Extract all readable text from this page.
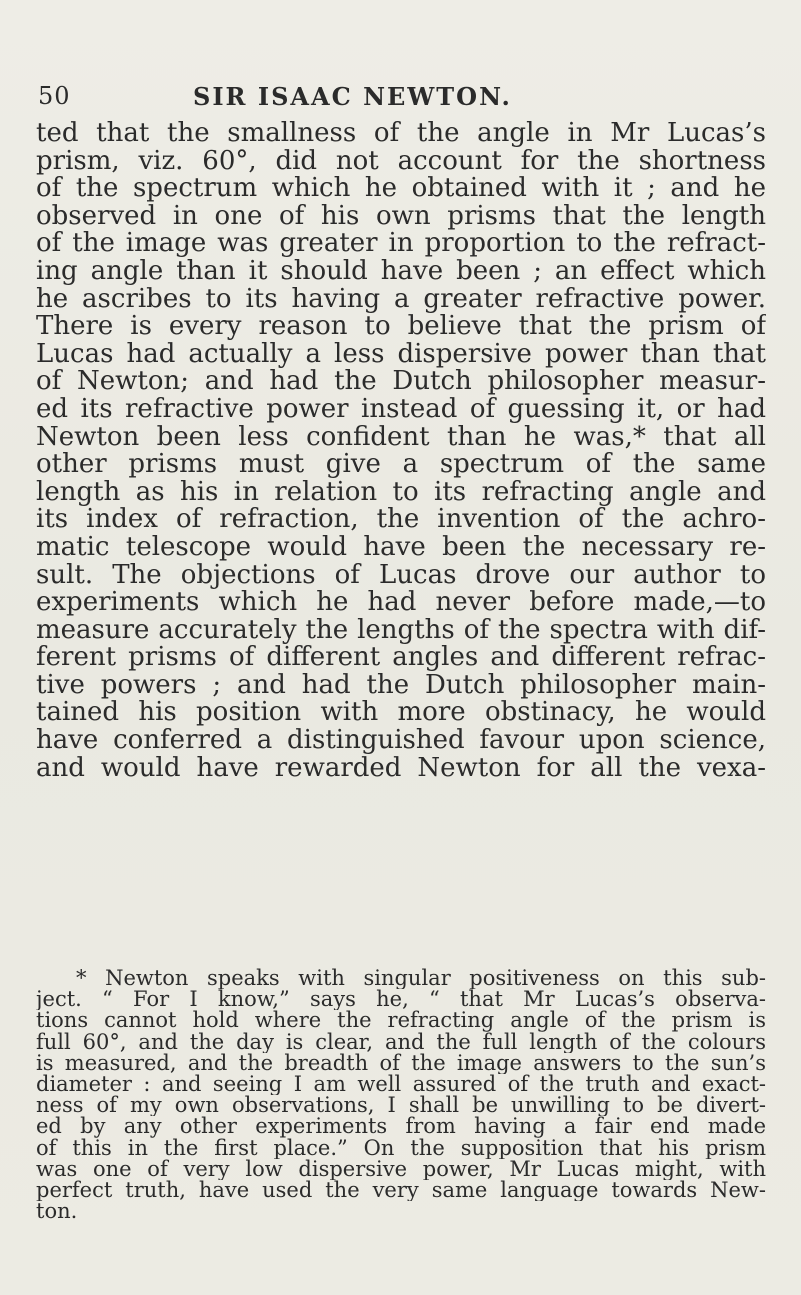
50	SIR ISAAC NEWTON.
ted that the smallness of the angle in Mr Lucas’s
prism, viz. 60°, did not account for the shortness
of the spectrum which he obtained with it ; and he
observed in one of his own prisms that the length
of the image was greater in proportion to the refract-
ing angle than it should have been ; an effect which
he ascribes to its having a greater refractive power.
There is every reason to believe that the prism of
Lucas had actually a less dispersive power than that
of Newton; and had the Dutch philosopher measur-
ed its refractive power instead of guessing it, or had
Newton been less confident than he was,* that all
other prisms must give a spectrum of the same
length as his in relation to its refracting angle and
its index of refraction, the invention of the achro-
matic telescope would have been the necessary re-
sult. The objections of Lucas drove our author to
experiments which he had never before made,—to
measure accurately the lengths of the spectra with dif-
ferent prisms of different angles and different refrac-
tive powers ; and had the Dutch philosopher main-
tained his position with more obstinacy, he would
have conferred a distinguished favour upon science,
and would have rewarded Newton for all the vexa-
* Newton speaks with singular positiveness on this sub-
ject. “ For I know,” says he, “ that Mr Lucas’s observa-
tions cannot hold where the refracting angle of the prism is
full 60°, and the day is clear, and the full length of the colours
is measured, and the breadth of the image answers to the sun’s
diameter : and seeing I am well assured of the truth and exact-
ness of my own observations, I shall be unwilling to be divert-
ed by any other experiments from having a fair end made
of this in the first place.” On the supposition that his prism
was one of very low dispersive power, Mr Lucas might, with
perfect truth, have used the very same language towards New-
ton.
